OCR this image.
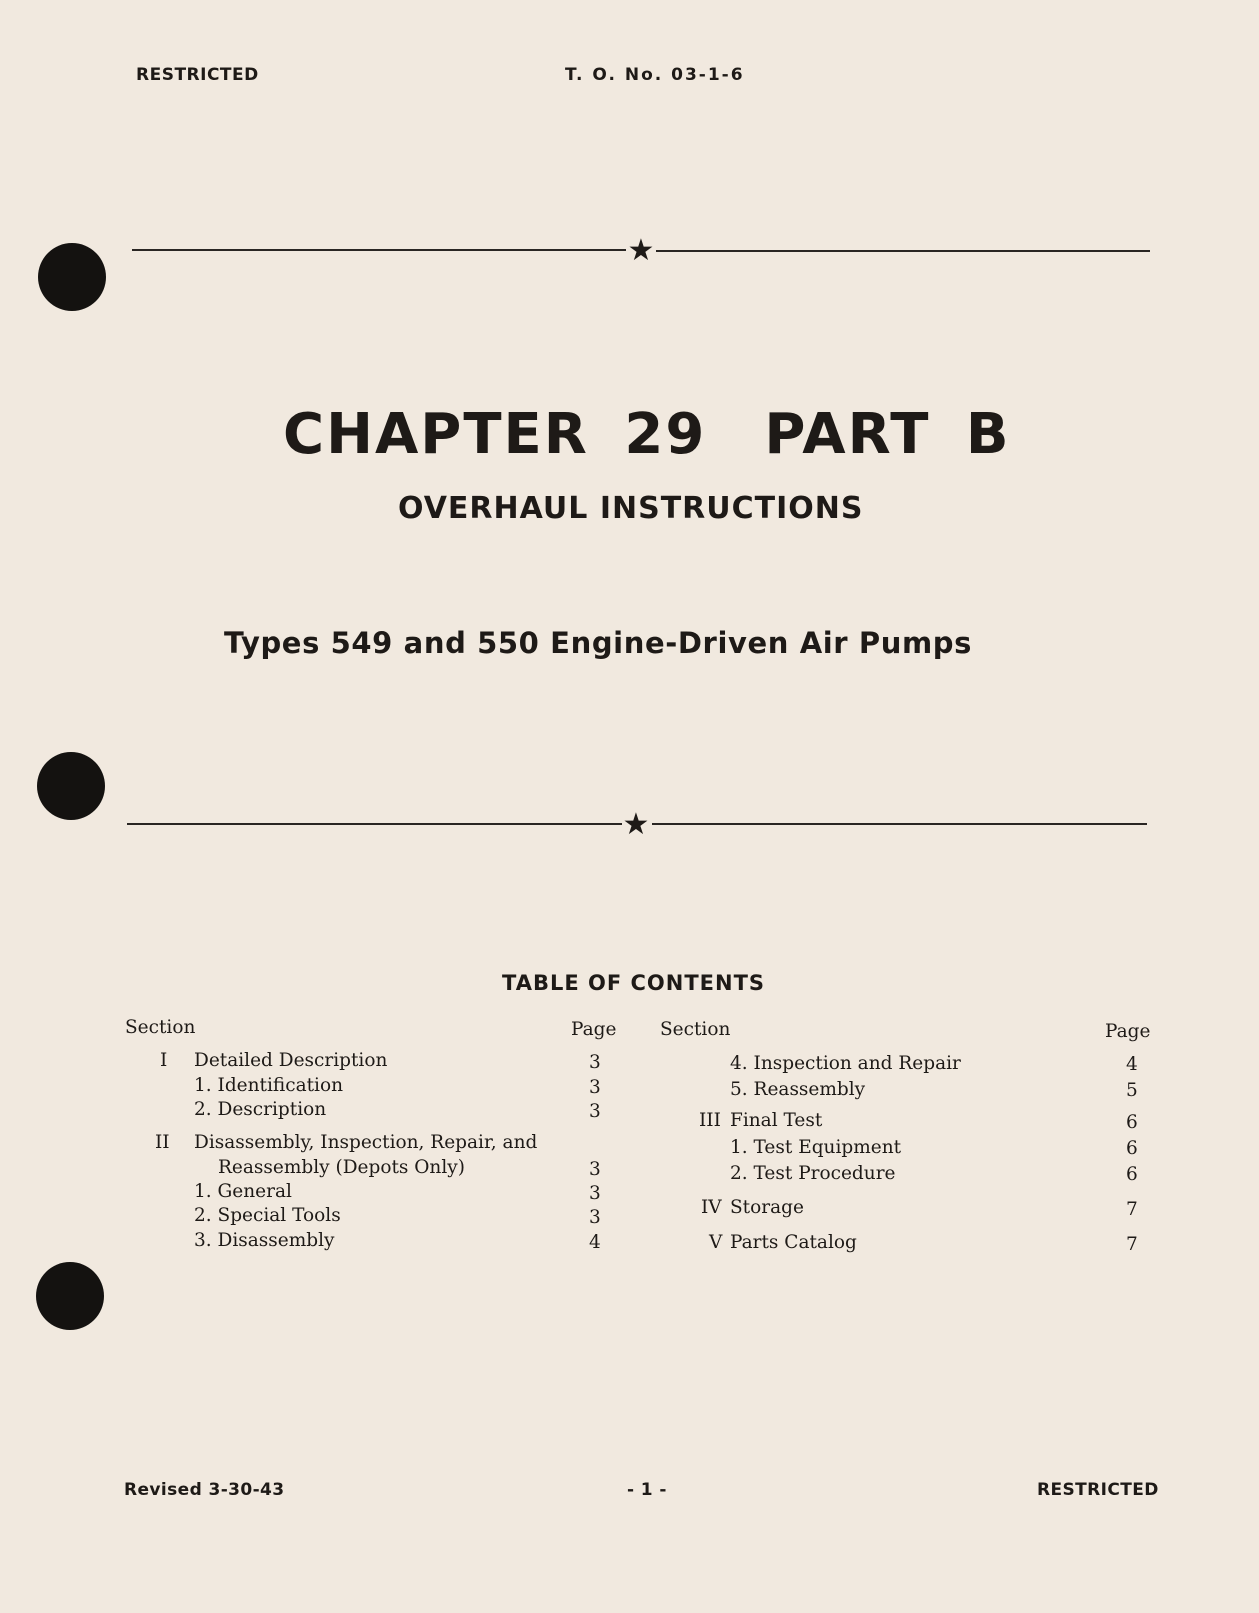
RESTRICTED	T. O. No. 03-1-6
★
CHAPTER 29 PART B
OVERHAUL INSTRUCTIONS
Types 549 and 550 Engine-Driven Air Pumps
★
TABLE OF CONTENTS
Section	Page Section	Page
I Detailed Description	3
1. Identification	3
2. Description	3
II Disassembly, Inspection, Repair, and
Reassembly (Depots Only)	3
1. General	3
2. Special Tools	3
3. Disassembly	4
4. Inspection and Repair	4
5. Reassembly	5
III Final Test	6
1. Test Equipment	6
2. Test Procedure	6
IV Storage	7
V Parts Catalog	7
Revised 3-30-43	- 1 -	RESTRICTED
